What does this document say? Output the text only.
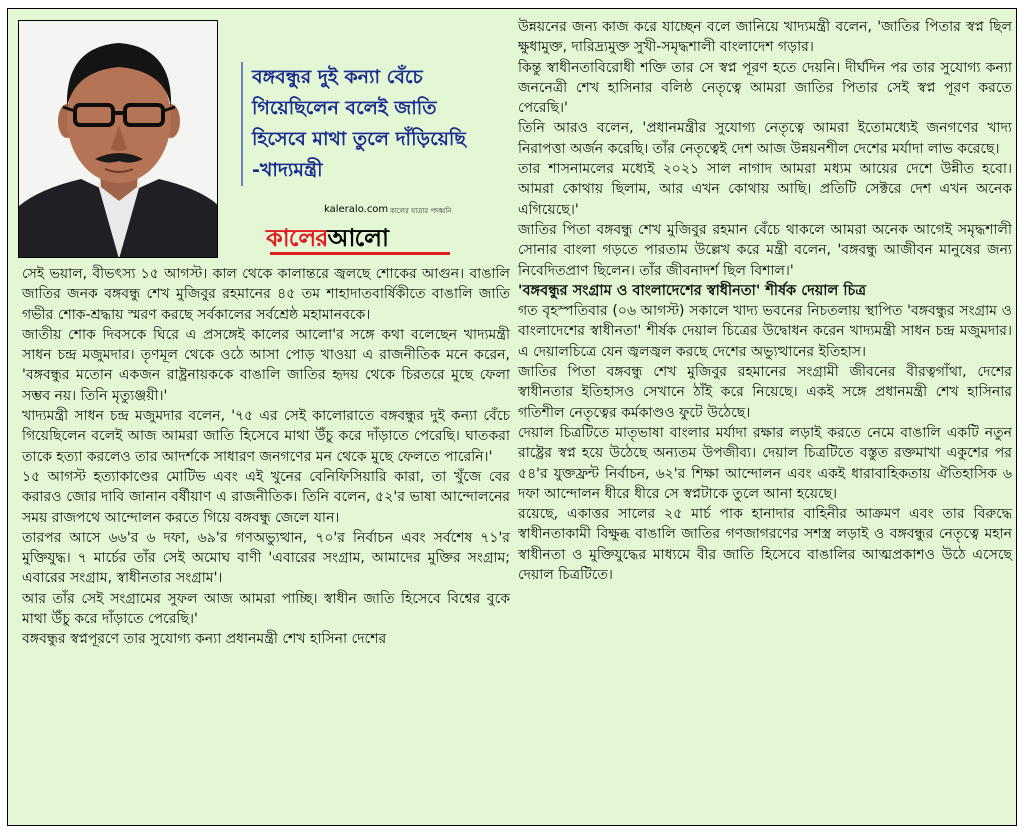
বঙ্গবন্ধুর দুই কন্যা বেঁচে
গিয়েছিলেন বলেই জাতি
হিসেবে মাথা তুলে দাঁড়িয়েছি
-খাদ্যমন্ত্রী
kaleralo.com কালের যাত্রার পদধ্বনি
কালেরআলো

সেই ভয়াল, বীভৎস্য ১৫ আগস্ট। কাল থেকে কালান্তরে জ্বলছে শোকের আগুন। বাঙালি জাতির জনক বঙ্গবন্ধু শেখ মুজিবুর রহমানের ৪৫ তম শাহাদাতবার্ষিকীতে বাঙালি জাতি গভীর শোক-শ্রদ্ধায় স্মরণ করছে সর্বকালের সর্বশ্রেষ্ঠ মহামানবকে।

জাতীয় শোক দিবসকে ঘিরে এ প্রসঙ্গেই কালের আলো'র সঙ্গে কথা বলেছেন খাদ্যমন্ত্রী সাধন চন্দ্র মজুমদার। তৃণমূল থেকে ওঠে আসা পোড় খাওয়া এ রাজনীতিক মনে করেন, 'বঙ্গবন্ধুর মতোন একজন রাষ্ট্রনায়ককে বাঙালি জাতির হৃদয় থেকে চিরতরে মুছে ফেলা সম্ভব নয়। তিনি মৃত্যুঞ্জয়ী।'

খাদ্যমন্ত্রী সাধন চন্দ্র মজুমদার বলেন, '৭৫ এর সেই কালোরাতে বঙ্গবন্ধুর দুই কন্যা বেঁচে গিয়েছিলেন বলেই আজ আমরা জাতি হিসেবে মাথা উঁচু করে দাঁড়াতে পেরেছি। ঘাতকরা তাকে হত্যা করলেও তার আদর্শকে সাধারণ জনগণের মন থেকে মুছে ফেলতে পারেনি।'

১৫ আগস্ট হত্যাকাণ্ডের মোটিভ এবং এই খুনের বেনিফিসিয়ারি কারা, তা খুঁজে বের করারও জোর দাবি জানান বর্ষীয়াণ এ রাজনীতিক। তিনি বলেন, ৫২'র ভাষা আন্দোলনের সময় রাজপথে আন্দোলন করতে গিয়ে বঙ্গবন্ধু জেলে যান।

তারপর আসে ৬৬'র ৬ দফা, ৬৯'র গণঅভ্যুত্থান, ৭০'র নির্বাচন এবং সর্বশেষ ৭১'র মুক্তিযুদ্ধ। ৭ মার্চের তাঁর সেই অমোঘ বাণী 'এবারের সংগ্রাম, আমাদের মুক্তির সংগ্রাম; এবারের সংগ্রাম, স্বাধীনতার সংগ্রাম'।

আর তাঁর সেই সংগ্রামের সুফল আজ আমরা পাচ্ছি। স্বাধীন জাতি হিসেবে বিশ্বের বুকে মাথা উঁচু করে দাঁড়াতে পেরেছি।'

বঙ্গবন্ধুর স্বপ্নপূরণে তার সুযোগ্য কন্যা প্রধানমন্ত্রী শেখ হাসিনা দেশের

উন্নয়নের জন্য কাজ করে যাচ্ছেন বলে জানিয়ে খাদ্যমন্ত্রী বলেন, 'জাতির পিতার স্বপ্ন ছিল ক্ষুধামুক্ত, দারিদ্র্যমুক্ত সুখী-সমৃদ্ধশালী বাংলাদেশ গড়ার।

কিন্তু স্বাধীনতাবিরোধী শক্তি তার সে স্বপ্ন পূরণ হতে দেয়নি। দীর্ঘদিন পর তার সুযোগ্য কন্যা জননেত্রী শেখ হাসিনার বলিষ্ঠ নেতৃত্বে আমরা জাতির পিতার সেই স্বপ্ন পূরণ করতে পেরেছি।'

তিনি আরও বলেন, 'প্রধানমন্ত্রীর সুযোগ্য নেতৃত্বে আমরা ইতোমধ্যেই জনগণের খাদ্য নিরাপত্তা অর্জন করেছি। তাঁর নেতৃত্বেই দেশ আজ উন্নয়নশীল দেশের মর্যাদা লাভ করেছে।

তার শাসনামলের মধ্যেই ২০২১ সাল নাগাদ আমরা মধ্যম আয়ের দেশে উন্নীত হবো। আমরা কোথায় ছিলাম, আর এখন কোথায় আছি। প্রতিটি সেক্টরে দেশ এখন অনেক এগিয়েছে।'

জাতির পিতা বঙ্গবন্ধু শেখ মুজিবুর রহমান বেঁচে থাকলে আমরা অনেক আগেই সমৃদ্ধশালী সোনার বাংলা গড়তে পারতাম উল্লেখ করে মন্ত্রী বলেন, 'বঙ্গবন্ধু আজীবন মানুষের জন্য নিবেদিতপ্রাণ ছিলেন। তাঁর জীবনাদর্শ ছিল বিশাল।'

'বঙ্গবন্ধুর সংগ্রাম ও বাংলাদেশের স্বাধীনতা' শীর্ষক দেয়াল চিত্র

গত বৃহস্পতিবার (০৬ আগস্ট) সকালে খাদ্য ভবনের নিচতলায় স্থাপিত 'বঙ্গবন্ধুর সংগ্রাম ও বাংলাদেশের স্বাধীনতা' শীর্ষক দেয়াল চিত্রের উদ্বোধন করেন খাদ্যমন্ত্রী সাধন চন্দ্র মজুমদার। এ দেয়ালচিত্রে যেন জ্বলজ্বল করছে দেশের অভ্যুত্থানের ইতিহাস।

জাতির পিতা বঙ্গবন্ধু শেখ মুজিবুর রহমানের সংগ্রামী জীবনের বীরত্বগাঁথা, দেশের স্বাধীনতার ইতিহাসও সেখানে ঠাঁই করে নিয়েছে। একই সঙ্গে প্রধানমন্ত্রী শেখ হাসিনার গতিশীল নেতৃত্বের কর্মকাণ্ডও ফুটে উঠেছে।

দেয়াল চিত্রটিতে মাতৃভাষা বাংলার মর্যাদা রক্ষার লড়াই করতে নেমে বাঙালি একটি নতুন রাষ্ট্রের স্বপ্ন হয়ে উঠেছে অন্যতম উপজীব্য। দেয়াল চিত্রটিতে বস্তুত রক্তমাখা একুশের পর ৫৪'র যুক্তফ্রন্ট নির্বাচন, ৬২'র শিক্ষা আন্দোলন এবং একই ধারাবাহিকতায় ঐতিহাসিক ৬ দফা আন্দোলন ধীরে ধীরে সে স্বপ্নটাকে তুলে আনা হয়েছে।

রয়েছে, একাত্তর সালের ২৫ মার্চ পাক হানাদার বাহিনীর আক্রমণ এবং তার বিরুদ্ধে স্বাধীনতাকামী বিক্ষুব্ধ বাঙালি জাতির গণজাগরণের সশস্ত্র লড়াই ও বঙ্গবন্ধুর নেতৃত্বে মহান স্বাধীনতা ও মুক্তিযুদ্ধের মাধ্যমে বীর জাতি হিসেবে বাঙালির আত্মপ্রকাশও উঠে এসেছে দেয়াল চিত্রটিতে।
